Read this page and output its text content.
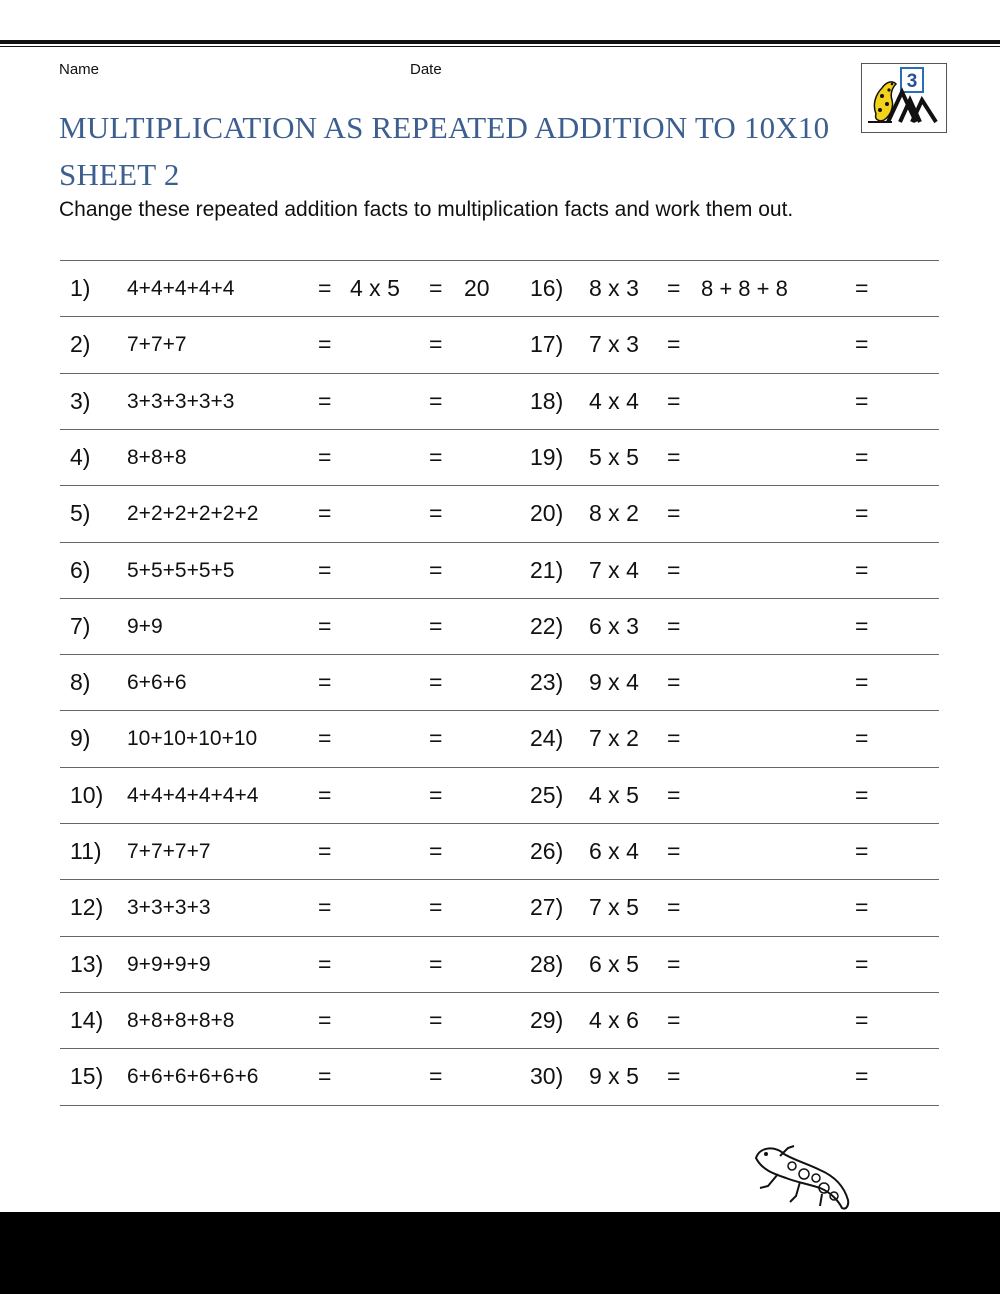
Name	Date
MULTIPLICATION AS REPEATED ADDITION TO 10X10
SHEET 2
Change these repeated addition facts to multiplication facts and work them out.
3
1) 4+4+4+4+4	= 4 x 5 = 20 16) 8 x 3 = 8 + 8 + 8	=
2) 7+7+7	=	=	17) 7 x 3 =	=
3) 3+3+3+3+3	=	=	18) 4 x 4 =	=
4) 8+8+8	=	=	19) 5 x 5 =	=
5) 2+2+2+2+2+2	=	=	20) 8 x 2 =	=
6) 5+5+5+5+5	=	=	21) 7 x 4 =	=
7) 9+9	=	=	22) 6 x 3 =	=
8) 6+6+6	=	=	23) 9 x 4 =	=
9) 10+10+10+10	=	=	24) 7 x 2 =	=
10) 4+4+4+4+4+4	=	=	25) 4 x 5 =	=
11) 7+7+7+7	=	=	26) 6 x 4 =	=
12) 3+3+3+3	=	=	27) 7 x 5 =	=
13) 9+9+9+9	=	=	28) 6 x 5 =	=
14) 8+8+8+8+8	=	=	29) 4 x 6 =	=
15) 6+6+6+6+6+6	=	=	30) 9 x 5 =	=
